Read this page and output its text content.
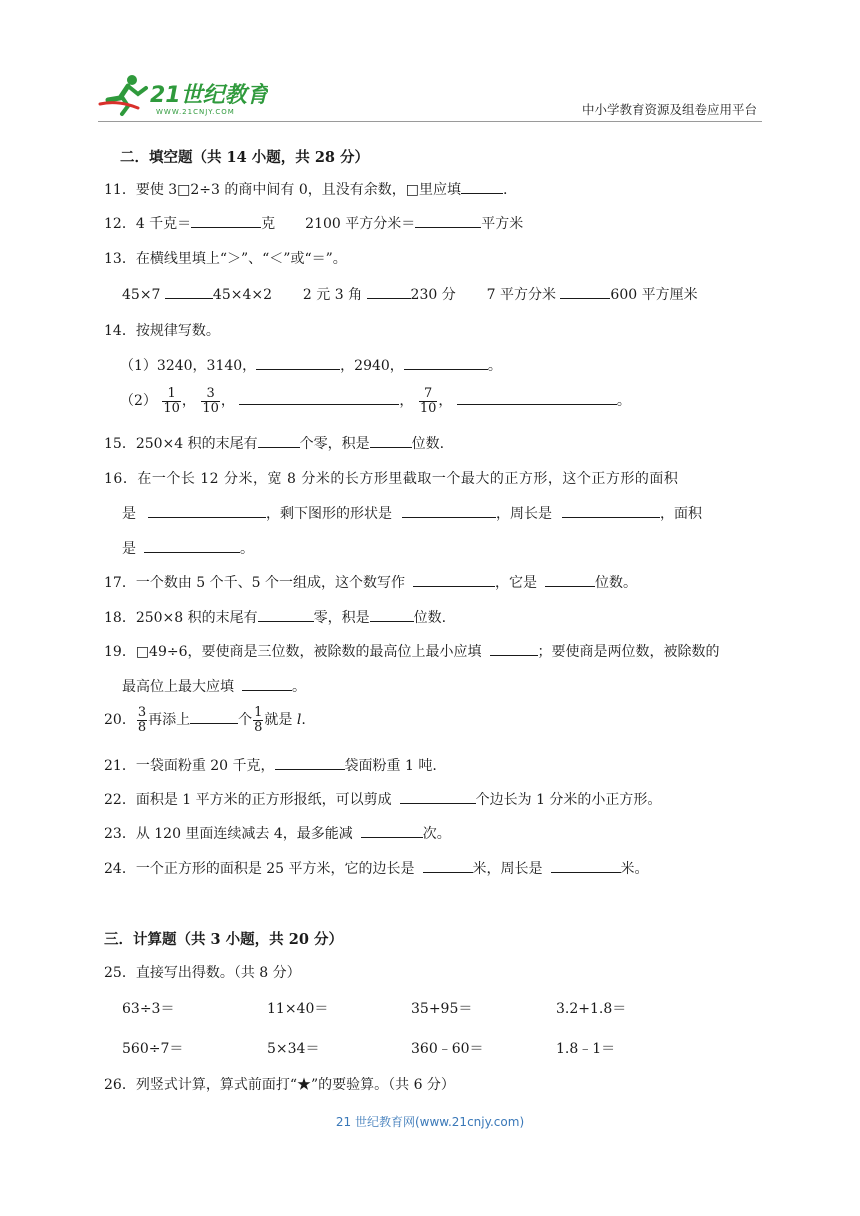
21世纪教育
WWW.21CNJY.COM	中小学教育资源及组卷应用平台
二．填空题（共 14 小题，共 28 分）
11．要使 3□2÷3 的商中间有 0，且没有余数，□里应填	.
12．4 千克＝	克 2100 平方分米＝	平方米
13．在横线里填上“＞”、“＜”或“＝”。
45×7	45×4×2 2 元 3 角	230 分 7 平方分米	600 平方厘米
14．按规律写数。
（1）3240，3140，	，2940，	。
$(2) \frac{1}{10}$ ， $\frac{3}{10}$ ，	， $\frac{7}{10}$ ，	。
15．250×4 积的末尾有	个零，积是	位数.
16．在一个长 12 分米，宽 8 分米的长方形里截取一个最大的正方形，这个正方形的面积
是	，剩下图形的形状是	，周长是	，面积
是	。
17．一个数由 5 个千、5 个一组成，这个数写作	，它是	位数。
18．250×8 积的末尾有	零，积是	位数.
19．□49÷6，要使商是三位数，被除数的最高位上最小应填	；要使商是两位数，被除数的
最高位上最大应填	。
20． $\frac{3}{8}$ 再添上	个 $\frac{1}{8}$ 就是 l.
21．一袋面粉重 20 千克，	袋面粉重 1 吨.
22．面积是 1 平方米的正方形报纸，可以剪成	个边长为 1 分米的小正方形。
23．从 120 里面连续减去 4，最多能减	次。
24．一个正方形的面积是 25 平方米，它的边长是	米，周长是	米。
三．计算题（共 3 小题，共 20 分）
25．直接写出得数。（共 8 分）
63÷3＝	11×40＝	35+95＝	3.2+1.8＝
560÷7＝	5×34＝	360﹣60＝	1.8﹣1＝
26．列竖式计算，算式前面打“★”的要验算。（共 6 分）
21 世纪教育网(www.21cnjy.com)
